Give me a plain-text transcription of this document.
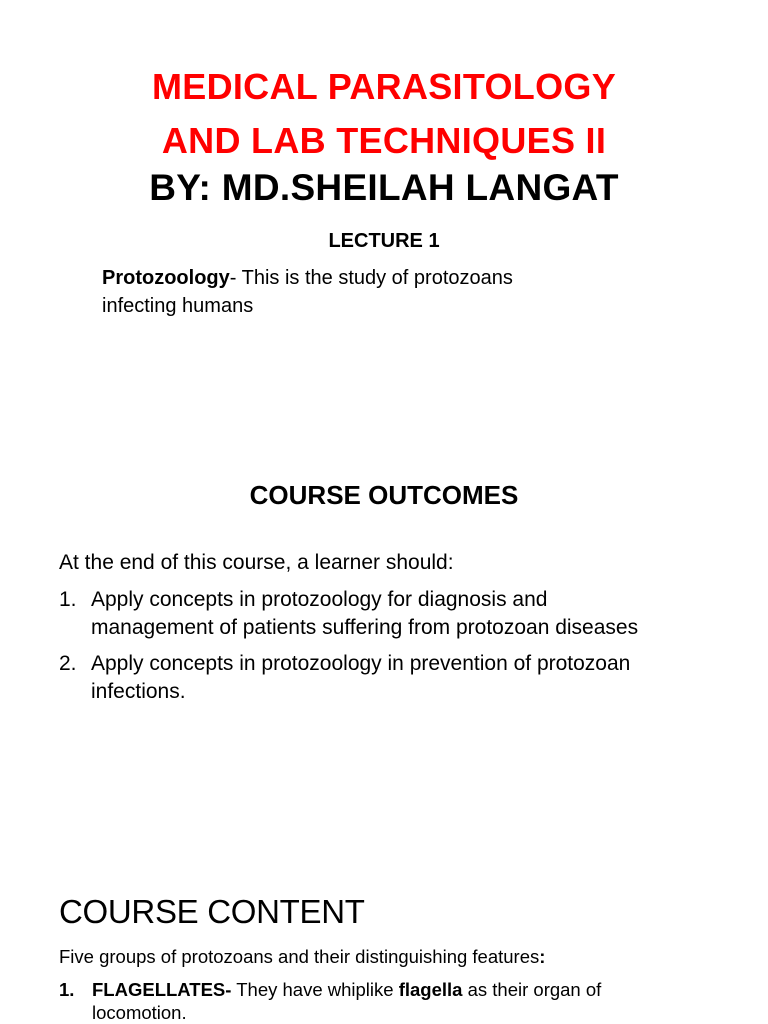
MEDICAL PARASITOLOGY

AND LAB TECHNIQUES II

BY: MD.SHEILAH LANGAT

LECTURE 1

Protozoology- This is the study of protozoans

infecting humans

COURSE OUTCOMES

At the end of this course, a learner should:

1. Apply concepts in protozoology for diagnosis and

management of patients suffering from protozoan diseases

2. Apply concepts in protozoology in prevention of protozoan

infections.

COURSE CONTENT

Five groups of protozoans and their distinguishing features:

1. FLAGELLATES- They have whiplike flagella as their organ of

locomotion.
